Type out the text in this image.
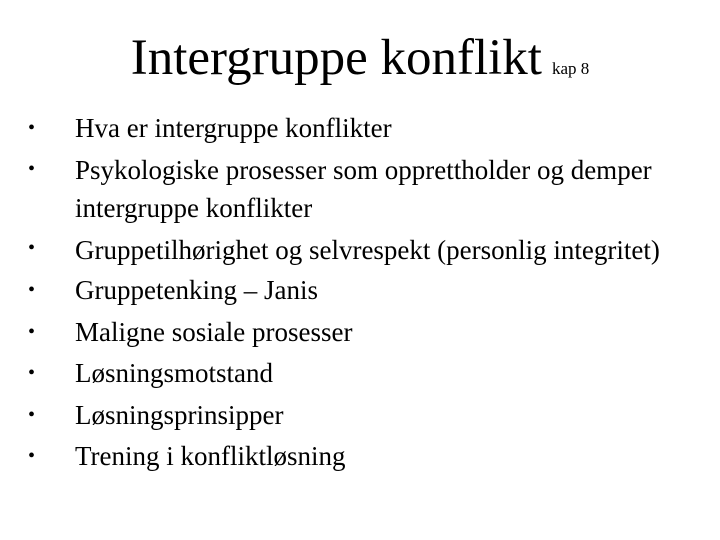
Intergruppe konflikt kap 8
• Hva er intergruppe konflikter
• Psykologiske prosesser som opprettholder og demper intergruppe konflikter
• Gruppetilhørighet og selvrespekt (personlig integritet)
• Gruppetenking – Janis
• Maligne sosiale prosesser
• Løsningsmotstand
• Løsningsprinsipper
• Trening i konfliktløsning
